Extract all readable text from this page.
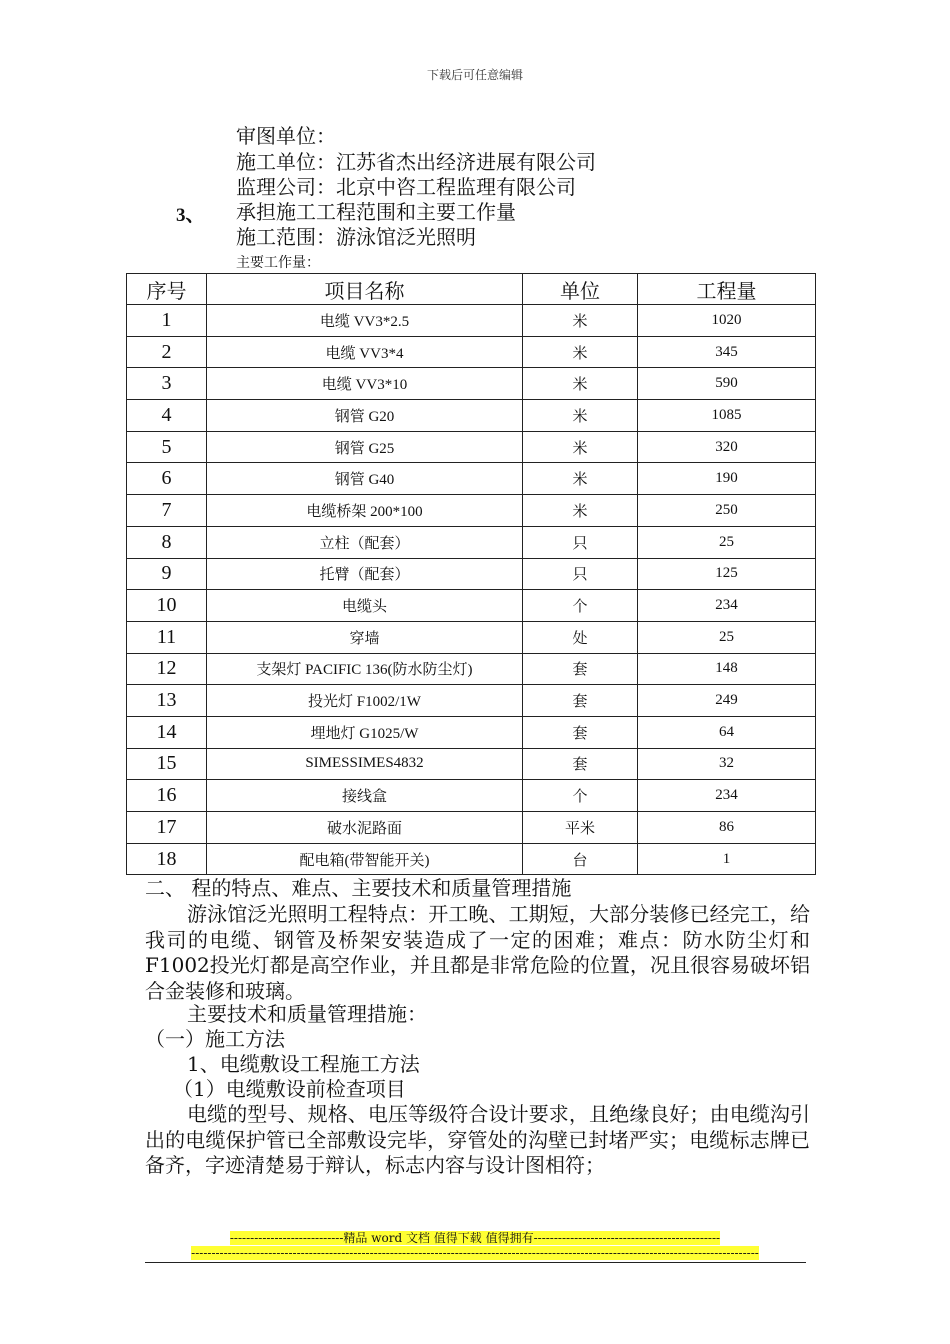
下载后可任意编辑
审图单位：
施工单位：江苏省杰出经济进展有限公司
监理公司：北京中咨工程监理有限公司
3、 承担施工工程范围和主要工作量
施工范围：游泳馆泛光照明
主要工作量：
序号	项目名称	单位	工程量
1	电缆 VV3*2.5	米	1020
2	电缆 VV3*4	米	345
3	电缆 VV3*10	米	590
4	钢管 G20	米	1085
5	钢管 G25	米	320
6	钢管 G40	米	190
7	电缆桥架 200*100	米	250
8	立柱（配套）	只	25
9	托臂（配套）	只	125
10	电缆头	个	234
11	穿墙	处	25
12	支架灯 PACIFIC 136(防水防尘灯)	套	148
13	投光灯 F1002/1W	套	249
14	埋地灯 G1025/W	套	64
15	SIMESSIMES4832	套	32
16	接线盒	个	234
17	破水泥路面	平米	86
18	配电箱(带智能开关)	台	1
二、 程的特点、难点、主要技术和质量管理措施
游泳馆泛光照明工程特点：开工晚、工期短，大部分装修已经完工，给我司的电缆、钢管及桥架安装造成了一定的困难；难点：防水防尘灯和F1002投光灯都是高空作业，并且都是非常危险的位置，况且很容易破坏铝合金装修和玻璃。
主要技术和质量管理措施：
（一）施工方法
1、电缆敷设工程施工方法
（1）电缆敷设前检查项目
电缆的型号、规格、电压等级符合设计要求，且绝缘良好；由电缆沟引出的电缆保护管已全部敷设完毕，穿管处的沟壁已封堵严实；电缆标志牌已备齐，字迹清楚易于辩认，标志内容与设计图相符；
----------------------------精品 word 文档 值得下载 值得拥有----------------------------------------------
--------------------------------------------------------------------------------------------------------------------------------------------
